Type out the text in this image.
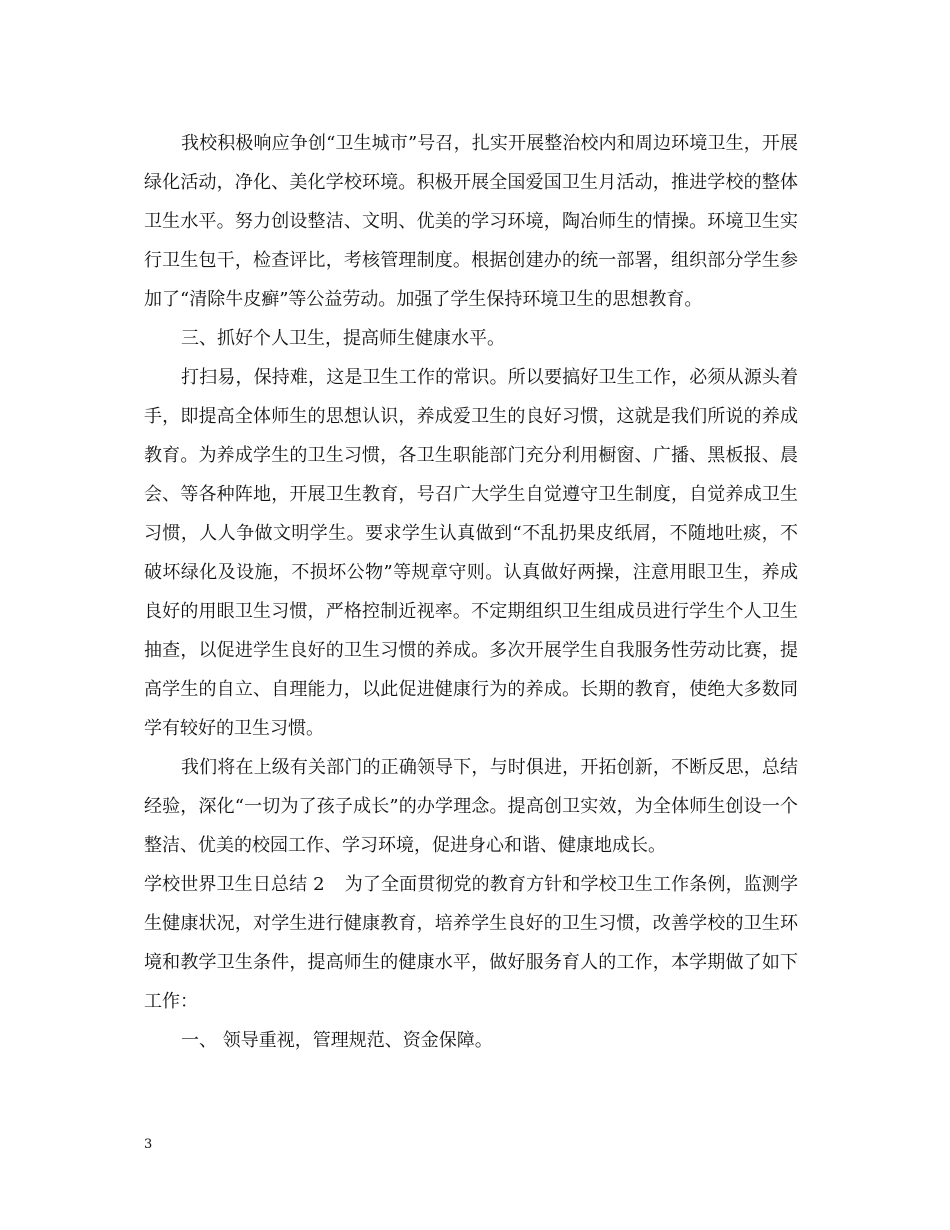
我校积极响应争创“卫生城市”号召，扎实开展整治校内和周边环境卫生，开展绿化活动，净化、美化学校环境。积极开展全国爱国卫生月活动，推进学校的整体卫生水平。努力创设整洁、文明、优美的学习环境，陶冶师生的情操。环境卫生实行卫生包干，检查评比，考核管理制度。根据创建办的统一部署，组织部分学生参加了“清除牛皮癣”等公益劳动。加强了学生保持环境卫生的思想教育。

三、抓好个人卫生，提高师生健康水平。

打扫易，保持难，这是卫生工作的常识。所以要搞好卫生工作，必须从源头着手，即提高全体师生的思想认识，养成爱卫生的良好习惯，这就是我们所说的养成教育。为养成学生的卫生习惯，各卫生职能部门充分利用橱窗、广播、黑板报、晨会、等各种阵地，开展卫生教育，号召广大学生自觉遵守卫生制度，自觉养成卫生习惯，人人争做文明学生。要求学生认真做到“不乱扔果皮纸屑，不随地吐痰，不破坏绿化及设施，不损坏公物”等规章守则。认真做好两操，注意用眼卫生，养成良好的用眼卫生习惯，严格控制近视率。不定期组织卫生组成员进行学生个人卫生抽查，以促进学生良好的卫生习惯的养成。多次开展学生自我服务性劳动比赛，提高学生的自立、自理能力，以此促进健康行为的养成。长期的教育，使绝大多数同学有较好的卫生习惯。

我们将在上级有关部门的正确领导下，与时俱进，开拓创新，不断反思，总结经验，深化“一切为了孩子成长”的办学理念。提高创卫实效，为全体师生创设一个整洁、优美的校园工作、学习环境，促进身心和谐、健康地成长。

学校世界卫生日总结 2 为了全面贯彻党的教育方针和学校卫生工作条例，监测学生健康状况，对学生进行健康教育，培养学生良好的卫生习惯，改善学校的卫生环境和教学卫生条件，提高师生的健康水平，做好服务育人的工作，本学期做了如下工作：

一、 领导重视，管理规范、资金保障。

3
